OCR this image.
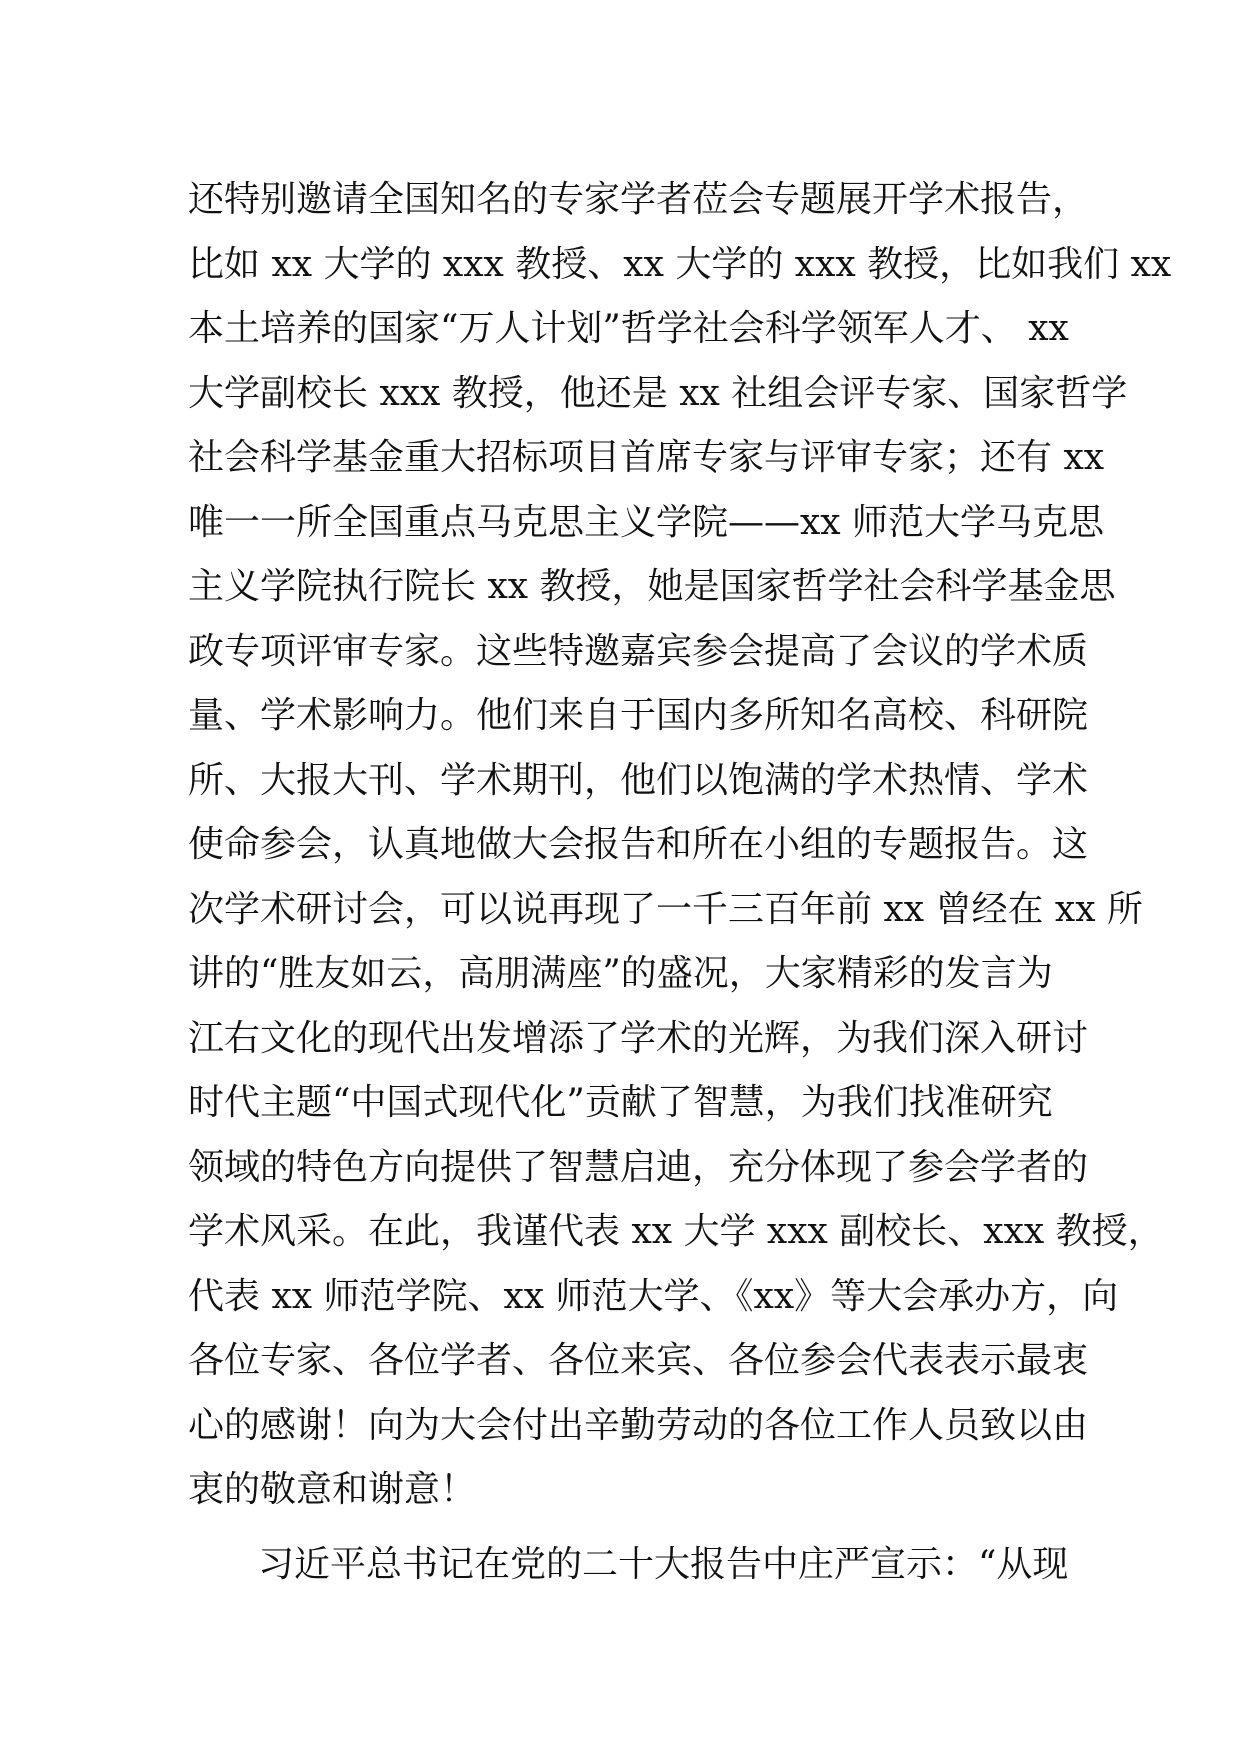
还特别邀请全国知名的专家学者莅会专题展开学术报告，
比如 xx 大学的 xxx 教授、xx 大学的 xxx 教授，比如我们 xx
本土培养的国家“万人计划”哲学社会科学领军人才、 xx
大学副校长 xxx 教授，他还是 xx 社组会评专家、国家哲学
社会科学基金重大招标项目首席专家与评审专家；还有 xx
唯一一所全国重点马克思主义学院——xx 师范大学马克思
主义学院执行院长 xx 教授，她是国家哲学社会科学基金思
政专项评审专家。这些特邀嘉宾参会提高了会议的学术质
量、学术影响力。他们来自于国内多所知名高校、科研院
所、大报大刊、学术期刊，他们以饱满的学术热情、学术
使命参会，认真地做大会报告和所在小组的专题报告。这
次学术研讨会，可以说再现了一千三百年前 xx 曾经在 xx 所
讲的“胜友如云，高朋满座”的盛况，大家精彩的发言为
江右文化的现代出发增添了学术的光辉，为我们深入研讨
时代主题“中国式现代化”贡献了智慧，为我们找准研究
领域的特色方向提供了智慧启迪，充分体现了参会学者的
学术风采。在此，我谨代表 xx 大学 xxx 副校长、xxx 教授，
代表 xx 师范学院、xx 师范大学、《xx》等大会承办方，向
各位专家、各位学者、各位来宾、各位参会代表表示最衷
心的感谢！向为大会付出辛勤劳动的各位工作人员致以由
衷的敬意和谢意！
习近平总书记在党的二十大报告中庄严宣示：“从现
